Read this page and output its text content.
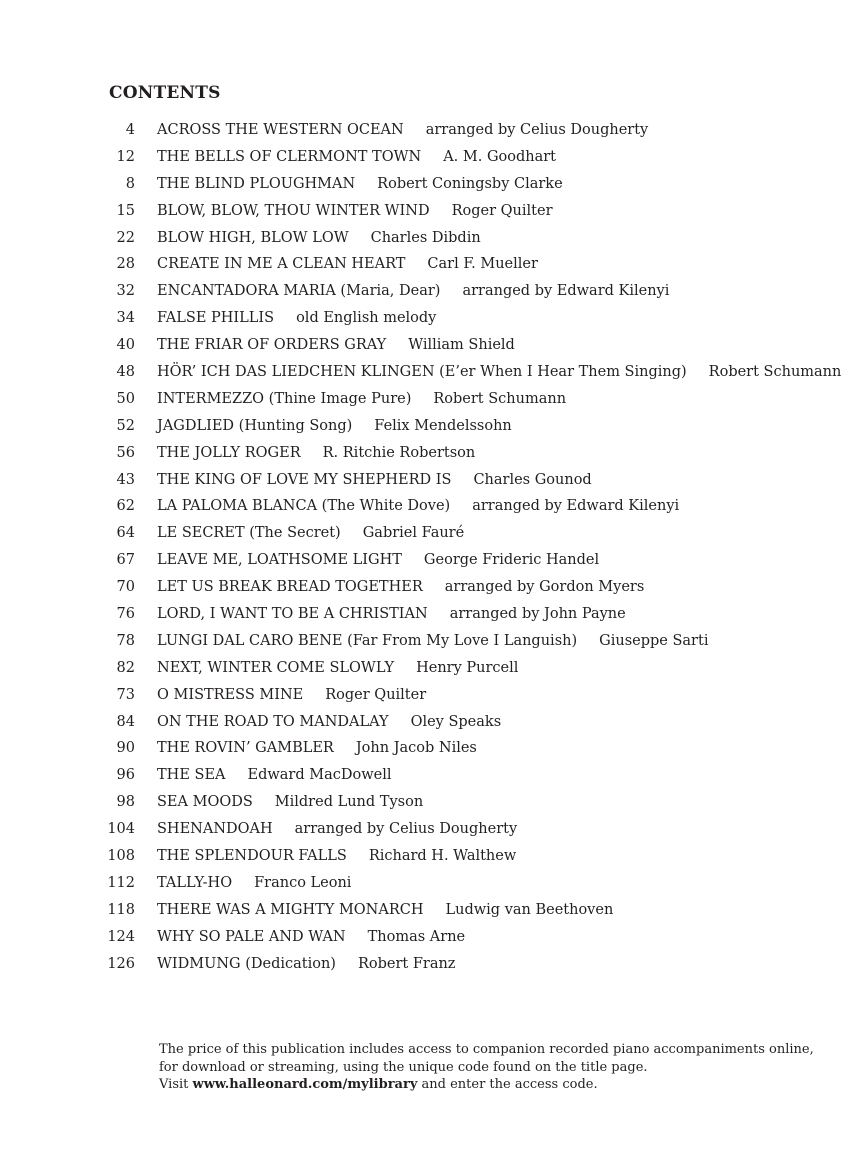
CONTENTS
4 ACROSS THE WESTERN OCEAN arranged by Celius Dougherty
12 THE BELLS OF CLERMONT TOWN A. M. Goodhart
8 THE BLIND PLOUGHMAN Robert Coningsby Clarke
15 BLOW, BLOW, THOU WINTER WIND Roger Quilter
22 BLOW HIGH, BLOW LOW Charles Dibdin
28 CREATE IN ME A CLEAN HEART Carl F. Mueller
32 ENCANTADORA MARIA (Maria, Dear) arranged by Edward Kilenyi
34 FALSE PHILLIS old English melody
40 THE FRIAR OF ORDERS GRAY William Shield
48 HÖR’ ICH DAS LIEDCHEN KLINGEN (E’er When I Hear Them Singing) Robert Schumann
50 INTERMEZZO (Thine Image Pure) Robert Schumann
52 JAGDLIED (Hunting Song) Felix Mendelssohn
56 THE JOLLY ROGER R. Ritchie Robertson
43 THE KING OF LOVE MY SHEPHERD IS Charles Gounod
62 LA PALOMA BLANCA (The White Dove) arranged by Edward Kilenyi
64 LE SECRET (The Secret) Gabriel Fauré
67 LEAVE ME, LOATHSOME LIGHT George Frideric Handel
70 LET US BREAK BREAD TOGETHER arranged by Gordon Myers
76 LORD, I WANT TO BE A CHRISTIAN arranged by John Payne
78 LUNGI DAL CARO BENE (Far From My Love I Languish) Giuseppe Sarti
82 NEXT, WINTER COME SLOWLY Henry Purcell
73 O MISTRESS MINE Roger Quilter
84 ON THE ROAD TO MANDALAY Oley Speaks
90 THE ROVIN’ GAMBLER John Jacob Niles
96 THE SEA Edward MacDowell
98 SEA MOODS Mildred Lund Tyson
104 SHENANDOAH arranged by Celius Dougherty
108 THE SPLENDOUR FALLS Richard H. Walthew
112 TALLY-HO Franco Leoni
118 THERE WAS A MIGHTY MONARCH Ludwig van Beethoven
124 WHY SO PALE AND WAN Thomas Arne
126 WIDMUNG (Dedication) Robert Franz
The price of this publication includes access to companion recorded piano accompaniments online,
for download or streaming, using the unique code found on the title page.
Visit www.halleonard.com/mylibrary and enter the access code.
